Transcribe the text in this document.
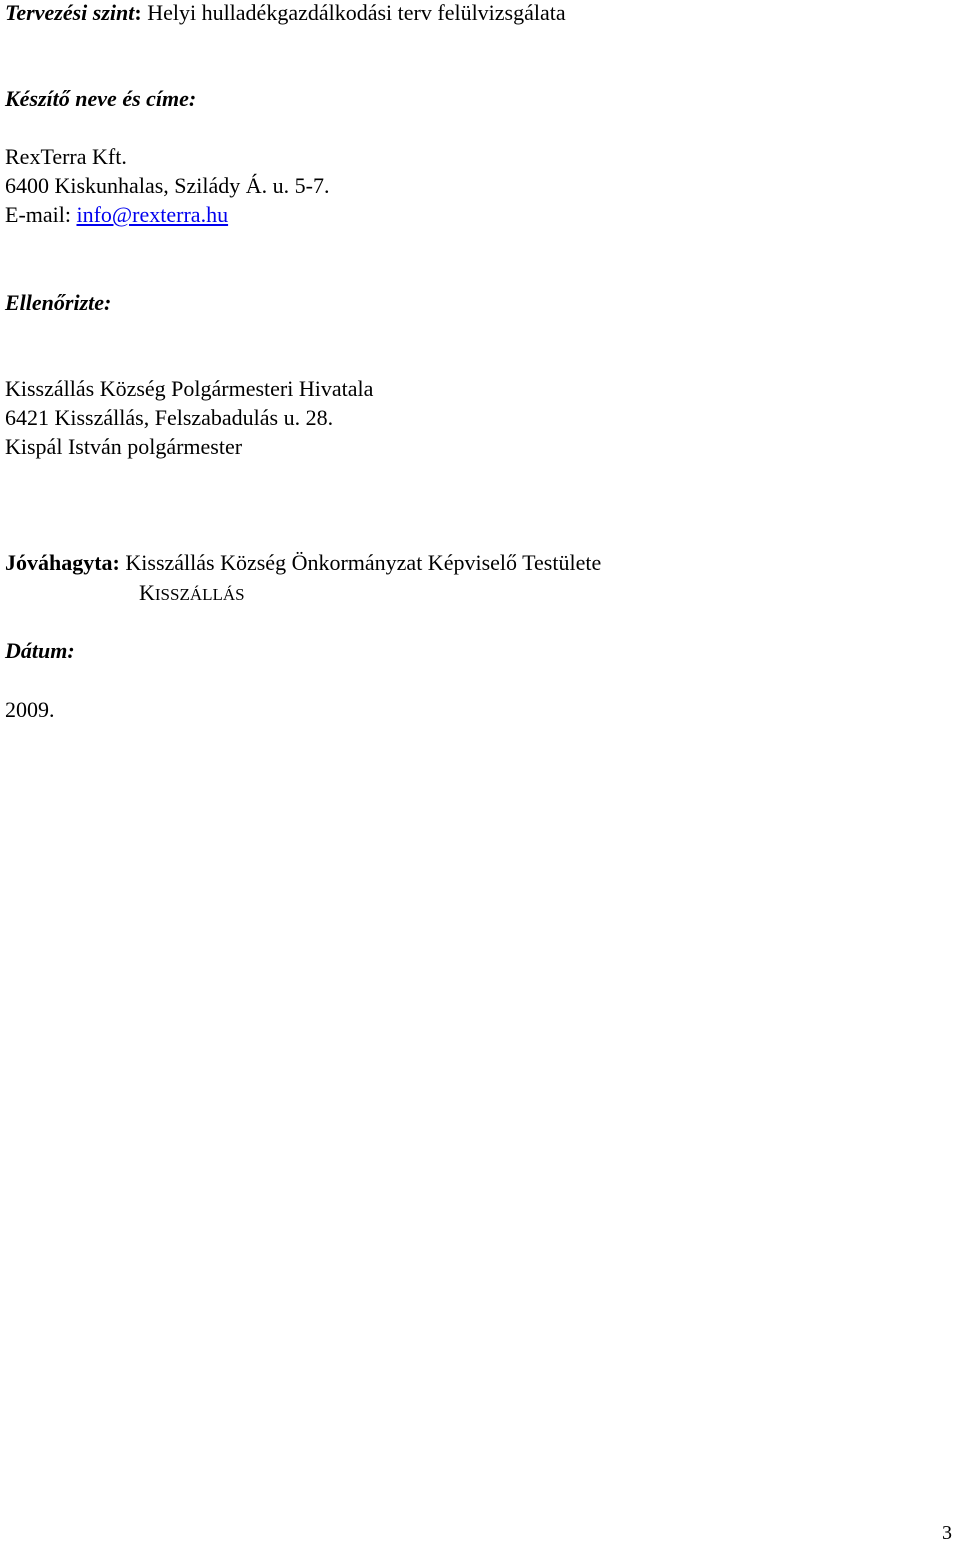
Tervezési szint: Helyi hulladékgazdálkodási terv felülvizsgálata
Készítő neve és címe:
RexTerra Kft.
6400 Kiskunhalas, Szilády Á. u. 5-7.
E-mail: info@rexterra.hu
Ellenőrizte:
Kisszállás Község Polgármesteri Hivatala
6421 Kisszállás, Felszabadulás u. 28.
Kispál István polgármester
Jóváhagyta: Kisszállás Község Önkormányzat Képviselő Testülete
KISSZÁLLÁS
Dátum:
2009.
3
